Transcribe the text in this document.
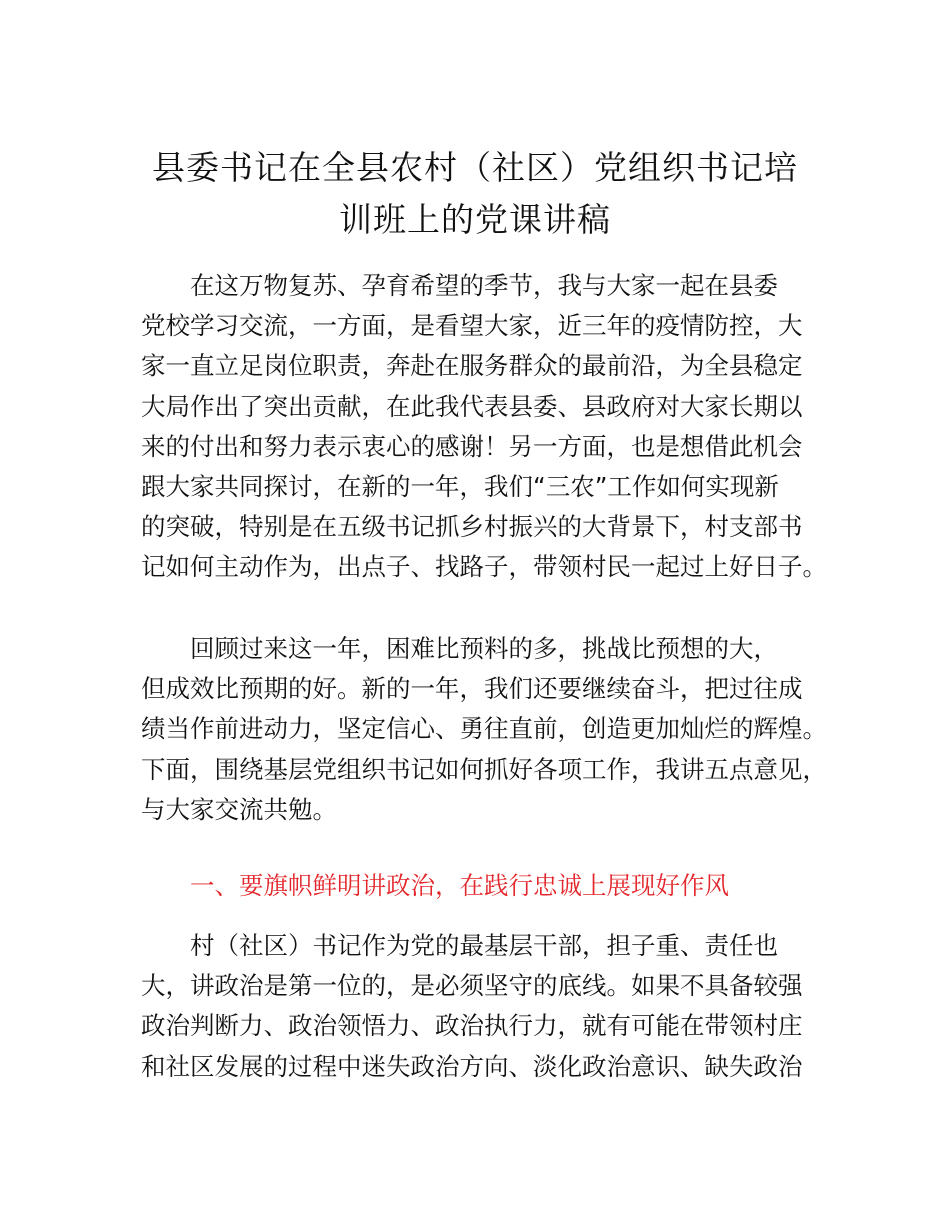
县委书记在全县农村（社区）党组织书记培
训班上的党课讲稿
在这万物复苏、孕育希望的季节，我与大家一起在县委
党校学习交流，一方面，是看望大家，近三年的疫情防控，大
家一直立足岗位职责，奔赴在服务群众的最前沿，为全县稳定
大局作出了突出贡献，在此我代表县委、县政府对大家长期以
来的付出和努力表示衷心的感谢！另一方面，也是想借此机会
跟大家共同探讨，在新的一年，我们“三农”工作如何实现新
的突破，特别是在五级书记抓乡村振兴的大背景下，村支部书
记如何主动作为，出点子、找路子，带领村民一起过上好日子。
回顾过来这一年，困难比预料的多，挑战比预想的大，
但成效比预期的好。新的一年，我们还要继续奋斗，把过往成
绩当作前进动力，坚定信心、勇往直前，创造更加灿烂的辉煌。
下面，围绕基层党组织书记如何抓好各项工作，我讲五点意见，
与大家交流共勉。
一、要旗帜鲜明讲政治，在践行忠诚上展现好作风
村（社区）书记作为党的最基层干部，担子重、责任也
大，讲政治是第一位的，是必须坚守的底线。如果不具备较强
政治判断力、政治领悟力、政治执行力，就有可能在带领村庄
和社区发展的过程中迷失政治方向、淡化政治意识、缺失政治
